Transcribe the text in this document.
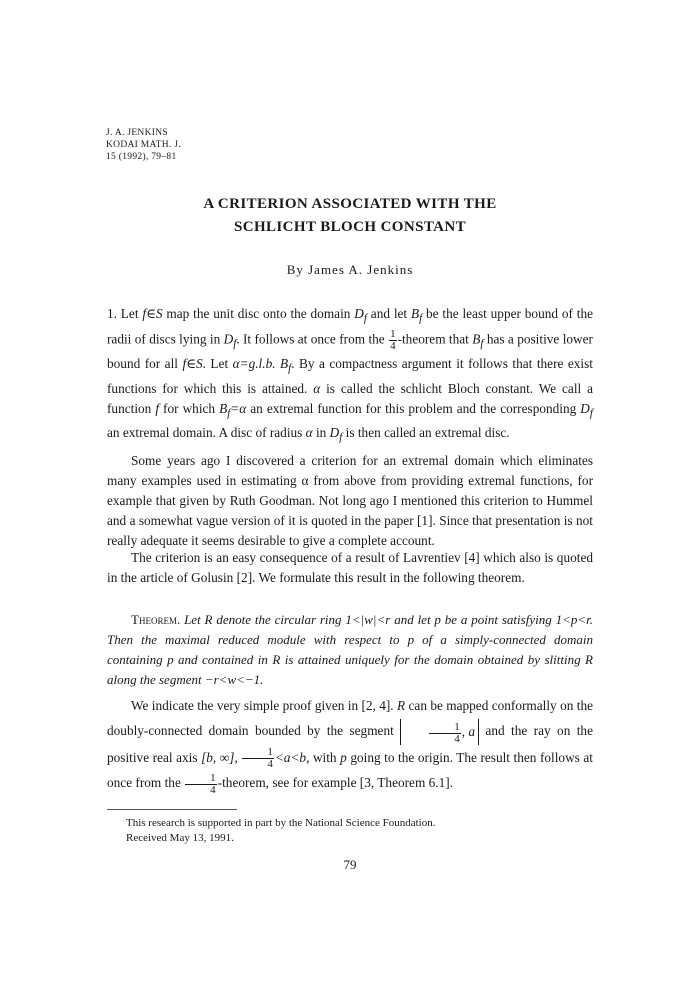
J. A. JENKINS
KODAI MATH. J.
15 (1992), 79–81
A CRITERION ASSOCIATED WITH THE
SCHLICHT BLOCH CONSTANT
By James A. Jenkins
1. Let f∈S map the unit disc onto the domain $D_f$ and let $B_f$ be the least upper bound of the radii of discs lying in $D_f$. It follows at once from the $\frac{1}{4}$ -theorem that $B_f$ has a positive lower bound for all f∈S. Let α=g.l.b. $B_f$. By a compactness argument it follows that there exist functions for which this is attained. α is called the schlicht Bloch constant. We call a function f for which $B_f=\alpha$ an extremal function for this problem and the corresponding $D_f$ an extremal domain. A disc of radius α in $D_f$ is then called an extremal disc.
Some years ago I discovered a criterion for an extremal domain which eliminates many examples used in estimating α from above from providing extremal functions, for example that given by Ruth Goodman. Not long ago I mentioned this criterion to Hummel and a somewhat vague version of it is quoted in the paper [1]. Since that presentation is not really adequate it seems desirable to give a complete account.
The criterion is an easy consequence of a result of Lavrentiev [4] which also is quoted in the article of Golusin [2]. We formulate this result in the following theorem.
Theorem. Let R denote the circular ring 1<|w|<r and let p be a point satisfying 1<p<r. Then the maximal reduced module with respect to p of a simply-connected domain containing p and contained in R is attained uniquely for the domain obtained by slitting R along the segment −r<w<−1.
We indicate the very simple proof given in [2, 4]. R can be mapped conformally on the doubly-connected domain bounded by the segment	$\frac{1}{4}$ , a and the ray on the positive real axis [b, ∞], $\frac{1}{4} <a<b$, with p going to the origin. The result then follows at once from the $\frac{1}{4}$ -theorem, see for example [3, Theorem 6.1].
This research is supported in part by the National Science Foundation.
Received May 13, 1991.
79
